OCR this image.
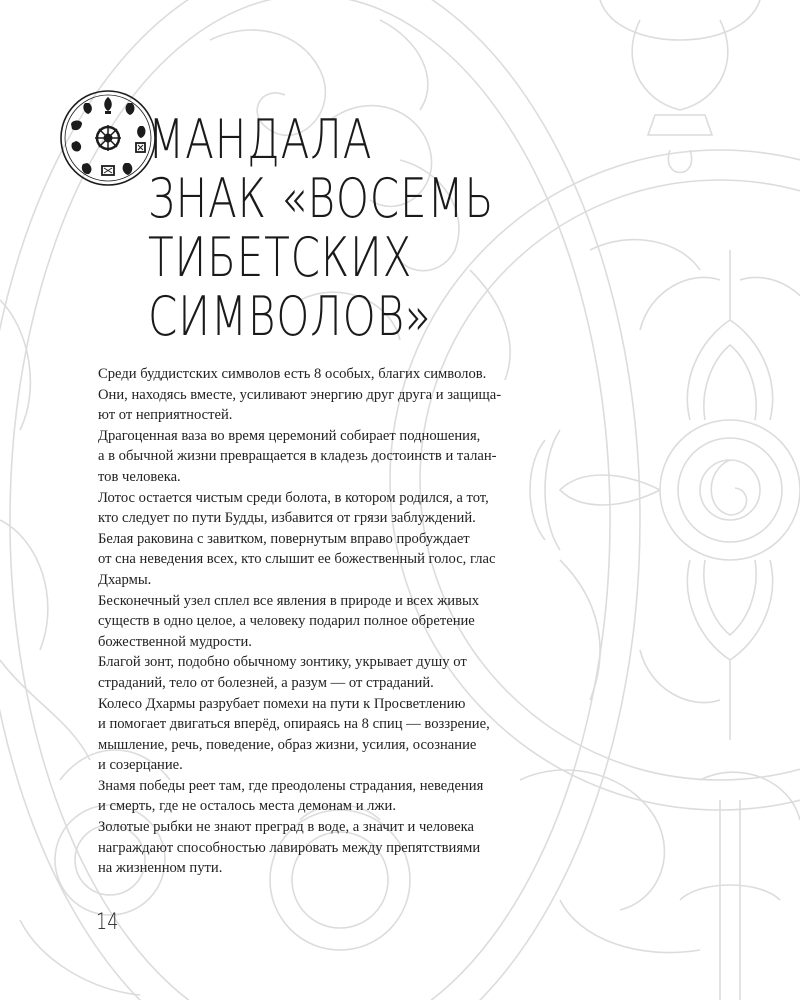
МАНДАЛА
ЗНАК «ВОСЕМЬ
ТИБЕТСКИХ
СИМВОЛОВ»

Среди буддистских символов есть 8 особых, благих символов.

Они, находясь вместе, усиливают энергию друг друга и защища-

ют от неприятностей.

Драгоценная ваза во время церемоний собирает подношения,

а в обычной жизни превращается в кладезь достоинств и талан-

тов человека.

Лотос остается чистым среди болота, в котором родился, а тот,

кто следует по пути Будды, избавится от грязи заблуждений.

Белая раковина с завитком, повернутым вправо пробуждает

от сна неведения всех, кто слышит ее божественный голос, глас

Дхармы.

Бесконечный узел сплел все явления в природе и всех живых

существ в одно целое, а человеку подарил полное обретение

божественной мудрости.

Благой зонт, подобно обычному зонтику, укрывает душу от

страданий, тело от болезней, а разум — от страданий.

Колесо Дхармы разрубает помехи на пути к Просветлению

и помогает двигаться вперёд, опираясь на 8 спиц — воззрение,

мышление, речь, поведение, образ жизни, усилия, осознание

и созерцание.

Знамя победы реет там, где преодолены страдания, неведения

и смерть, где не осталось места демонам и лжи.

Золотые рыбки не знают преград в воде, а значит и человека

награждают способностью лавировать между препятствиями

на жизненном пути.

14
